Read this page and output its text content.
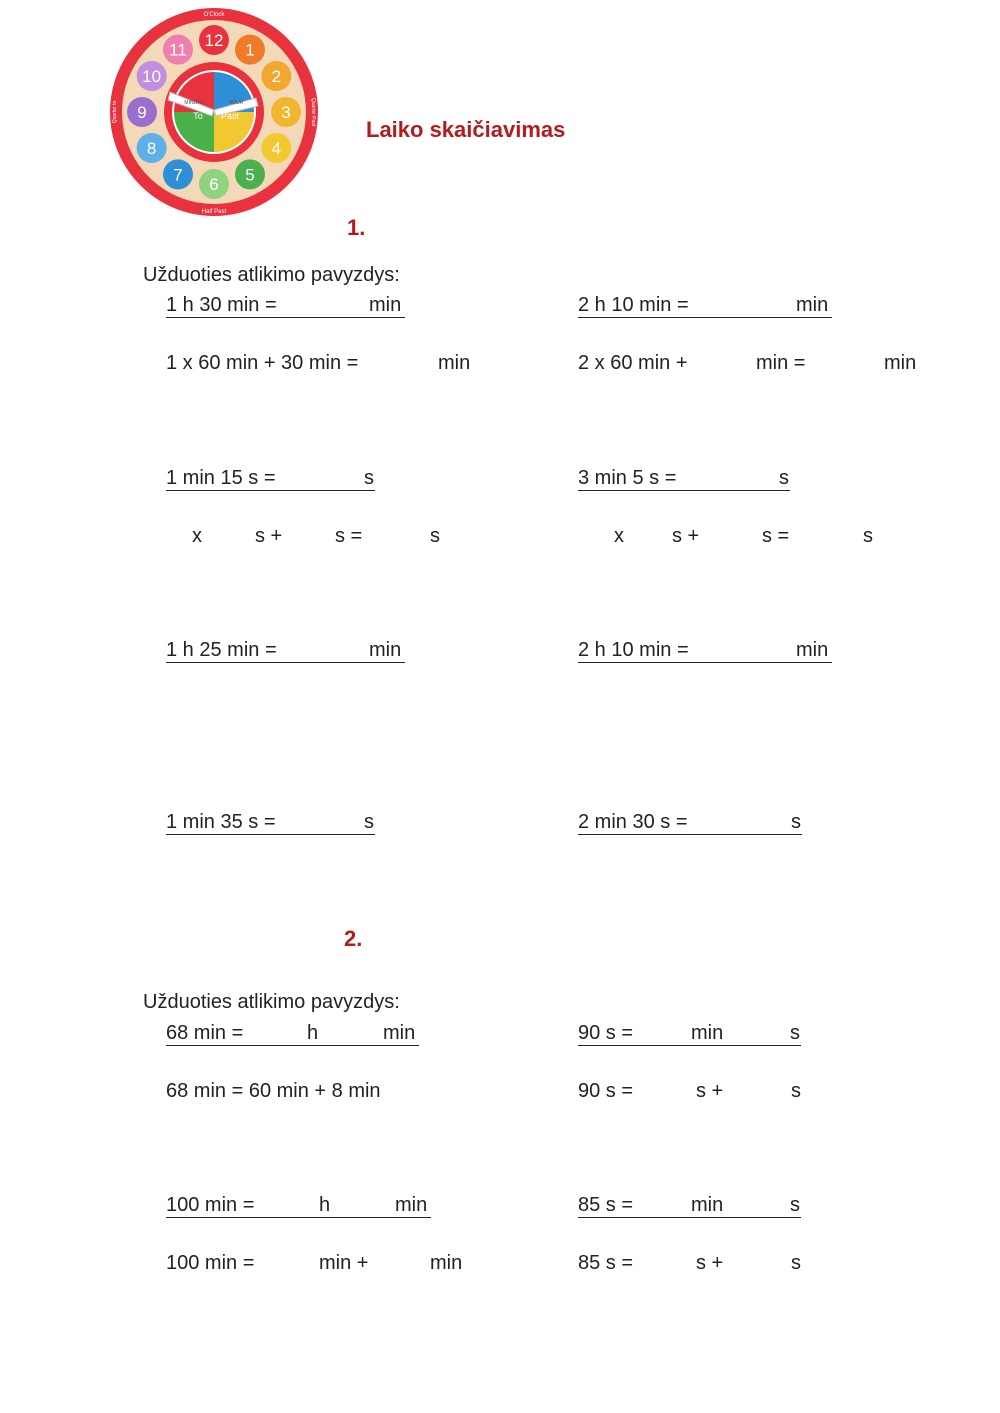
12
1
2
3
4
5
6
7
8
9
10
11
O'Clock
Half Past
MINUTE	HOUR
To Past
Quarter to	Quarter Past
Laiko skaičiavimas
1.
Užduoties atlikimo pavyzdys:
1 h 30 min =	min	2 h 10 min =	min
1 x 60 min + 30 min =	min	2 x 60 min +	min =	min
1 min 15 s =	s	3 min 5 s =	s
x	s +	s =	s	x s +	s =	s
1 h 25 min =	min	2 h 10 min =	min
1 min 35 s =	s	2 min 30 s =	s
2.
Užduoties atlikimo pavyzdys:
68 min =	h	min	90 s =	min	s
68 min = 60 min + 8 min	90 s =	s +	s
100 min =	h	min	85 s =	min	s
100 min =	min +	min	85 s =	s +	s
